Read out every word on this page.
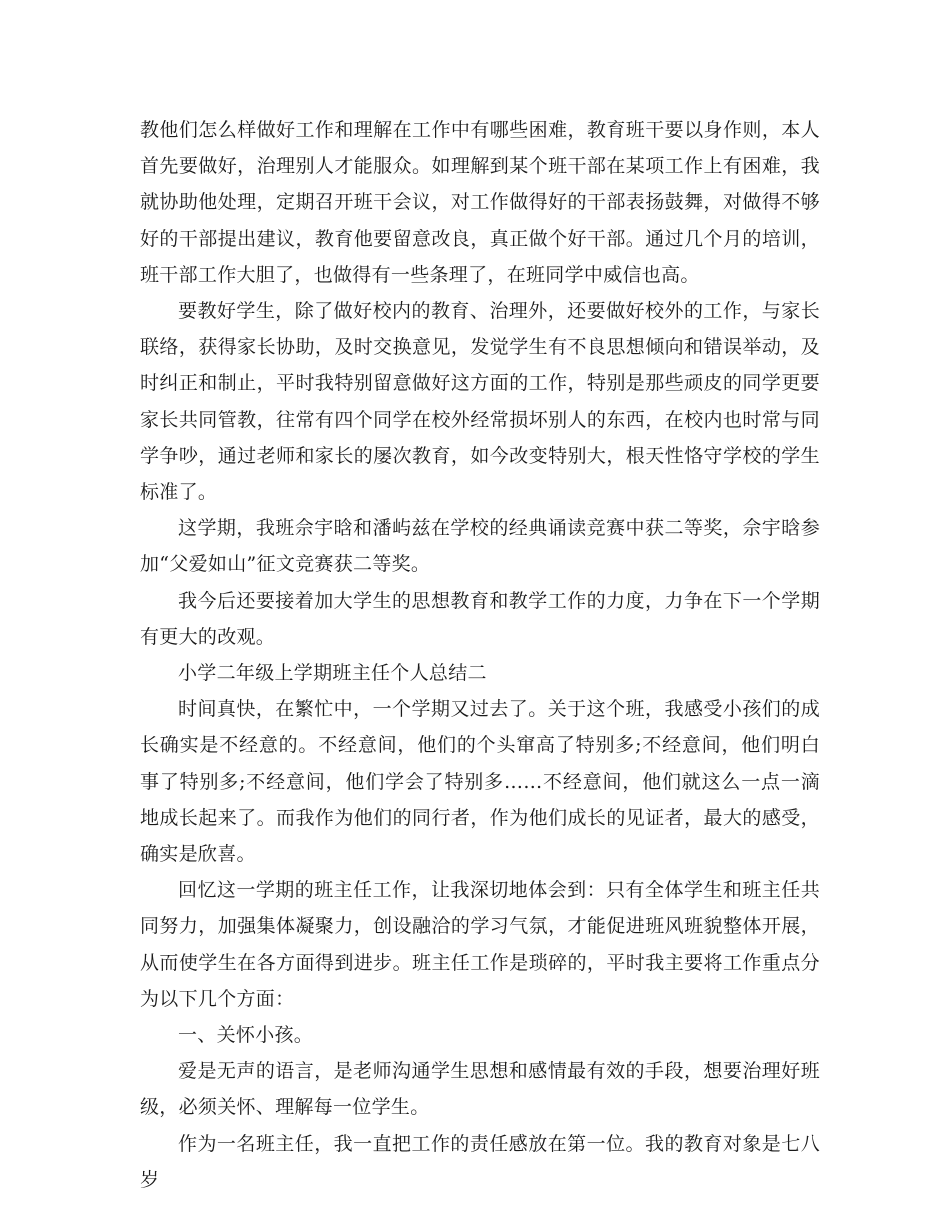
教他们怎么样做好工作和理解在工作中有哪些困难，教育班干要以身作则，本人首先要做好，治理别人才能服众。如理解到某个班干部在某项工作上有困难，我就协助他处理，定期召开班干会议，对工作做得好的干部表扬鼓舞，对做得不够好的干部提出建议，教育他要留意改良，真正做个好干部。通过几个月的培训，班干部工作大胆了，也做得有一些条理了，在班同学中威信也高。

要教好学生，除了做好校内的教育、治理外，还要做好校外的工作，与家长联络，获得家长协助，及时交换意见，发觉学生有不良思想倾向和错误举动，及时纠正和制止，平时我特别留意做好这方面的工作，特别是那些顽皮的同学更要家长共同管教，往常有四个同学在校外经常损坏别人的东西，在校内也时常与同学争吵，通过老师和家长的屡次教育，如今改变特别大，根天性恪守学校的学生标准了。

这学期，我班佘宇晗和潘屿兹在学校的经典诵读竞赛中获二等奖，佘宇晗参加“父爱如山”征文竞赛获二等奖。

我今后还要接着加大学生的思想教育和教学工作的力度，力争在下一个学期有更大的改观。

小学二年级上学期班主任个人总结二

时间真快，在繁忙中，一个学期又过去了。关于这个班，我感受小孩们的成长确实是不经意的。不经意间，他们的个头窜高了特别多;不经意间，他们明白事了特别多;不经意间，他们学会了特别多……不经意间，他们就这么一点一滴地成长起来了。而我作为他们的同行者，作为他们成长的见证者，最大的感受，确实是欣喜。

回忆这一学期的班主任工作，让我深切地体会到：只有全体学生和班主任共同努力，加强集体凝聚力，创设融洽的学习气氛，才能促进班风班貌整体开展，从而使学生在各方面得到进步。班主任工作是琐碎的，平时我主要将工作重点分为以下几个方面：

一、关怀小孩。

爱是无声的语言，是老师沟通学生思想和感情最有效的手段，想要治理好班级，必须关怀、理解每一位学生。

作为一名班主任，我一直把工作的责任感放在第一位。我的教育对象是七八岁
